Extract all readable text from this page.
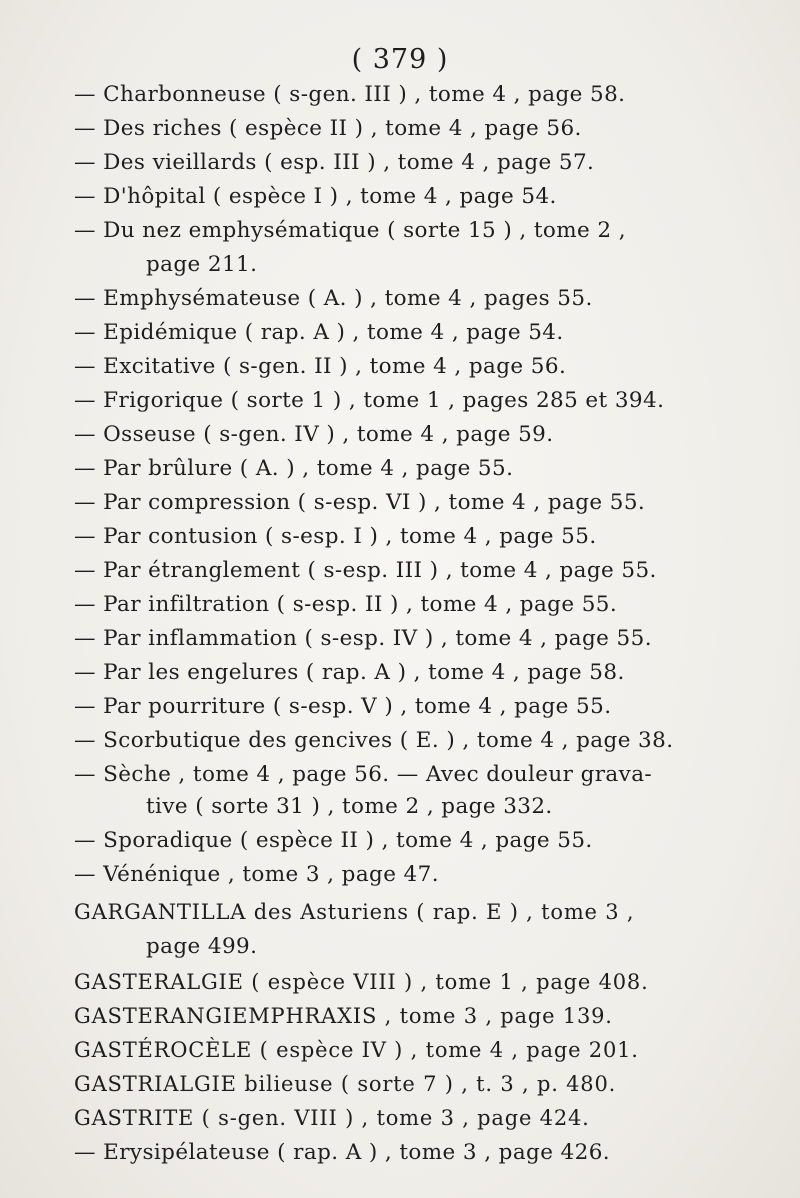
( 379 )
— Charbonneuse ( s-gen. III ) , tome 4 , page 58.
— Des riches ( espèce II ) , tome 4 , page 56.
— Des vieillards ( esp. III ) , tome 4 , page 57.
— D'hôpital ( espèce I ) , tome 4 , page 54.
— Du nez emphysématique ( sorte 15 ) , tome 2 ,
page 211.
— Emphysémateuse ( A. ) , tome 4 , pages 55.
— Epidémique ( rap. A ) , tome 4 , page 54.
— Excitative ( s-gen. II ) , tome 4 , page 56.
— Frigorique ( sorte 1 ) , tome 1 , pages 285 et 394.
— Osseuse ( s-gen. IV ) , tome 4 , page 59.
— Par brûlure ( A. ) , tome 4 , page 55.
— Par compression ( s-esp. VI ) , tome 4 , page 55.
— Par contusion ( s-esp. I ) , tome 4 , page 55.
— Par étranglement ( s-esp. III ) , tome 4 , page 55.
— Par infiltration ( s-esp. II ) , tome 4 , page 55.
— Par inflammation ( s-esp. IV ) , tome 4 , page 55.
— Par les engelures ( rap. A ) , tome 4 , page 58.
— Par pourriture ( s-esp. V ) , tome 4 , page 55.
— Scorbutique des gencives ( E. ) , tome 4 , page 38.
— Sèche , tome 4 , page 56. — Avec douleur grava-
tive ( sorte 31 ) , tome 2 , page 332.
— Sporadique ( espèce II ) , tome 4 , page 55.
— Vénénique , tome 3 , page 47.
GARGANTILLA des Asturiens ( rap. E ) , tome 3 ,
page 499.
GASTERALGIE ( espèce VIII ) , tome 1 , page 408.
GASTERANGIEMPHRAXIS , tome 3 , page 139.
GASTÉROCÈLE ( espèce IV ) , tome 4 , page 201.
GASTRIALGIE bilieuse ( sorte 7 ) , t. 3 , p. 480.
GASTRITE ( s-gen. VIII ) , tome 3 , page 424.
— Erysipélateuse ( rap. A ) , tome 3 , page 426.
